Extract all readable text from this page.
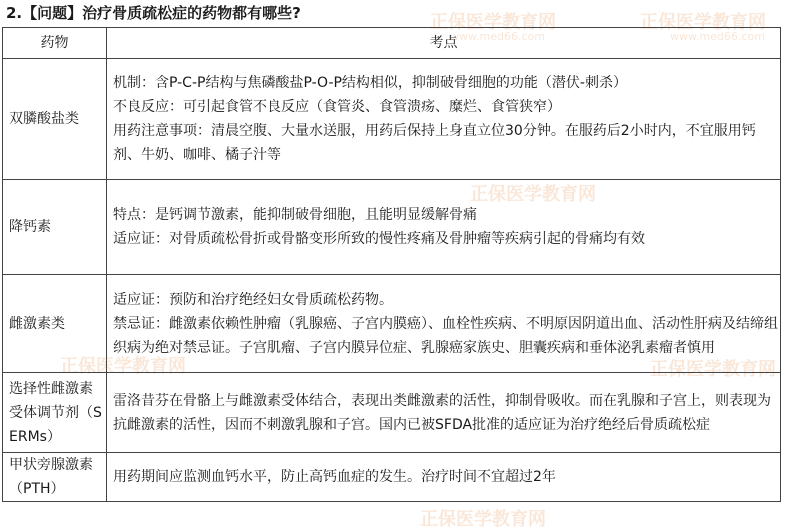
正保医学教育网	正保医学教育网
www.med66.com	www.med66.com
正保医学教育网
正保医学教育网	正保医学教育网
正保医学教育网
2.【问题】治疗骨质疏松症的药物都有哪些?
药物	考点
双膦酸盐类	机制：含P-C-P结构与焦磷酸盐P-O-P结构相似，抑制破骨细胞的功能（潜伏-刺杀）
不良反应：可引起食管不良反应（食管炎、食管溃疡、糜烂、食管狭窄）
用药注意事项：清晨空腹、大量水送服，用药后保持上身直立位30分钟。在服药后2小时内，不宜服用钙剂、牛奶、咖啡、橘子汁等

降钙素	特点：是钙调节激素，能抑制破骨细胞，且能明显缓解骨痛
适应证：对骨质疏松骨折或骨骼变形所致的慢性疼痛及骨肿瘤等疾病引起的骨痛均有效

雌激素类	适应证：预防和治疗绝经妇女骨质疏松药物。
禁忌证：雌激素依赖性肿瘤（乳腺癌、子宫内膜癌）、血栓性疾病、不明原因阴道出血、活动性肝病及结缔组织病为绝对禁忌证。子宫肌瘤、子宫内膜异位症、乳腺癌家族史、胆囊疾病和垂体泌乳素瘤者慎用

选择性雌激素受体调节剂（SERMs）	雷洛昔芬在骨骼上与雌激素受体结合，表现出类雌激素的活性，抑制骨吸收。而在乳腺和子宫上，则表现为抗雌激素的活性，因而不刺激乳腺和子宫。国内已被SFDA批准的适应证为治疗绝经后骨质疏松症

甲状旁腺激素（PTH）	用药期间应监测血钙水平，防止高钙血症的发生。治疗时间不宜超过2年
